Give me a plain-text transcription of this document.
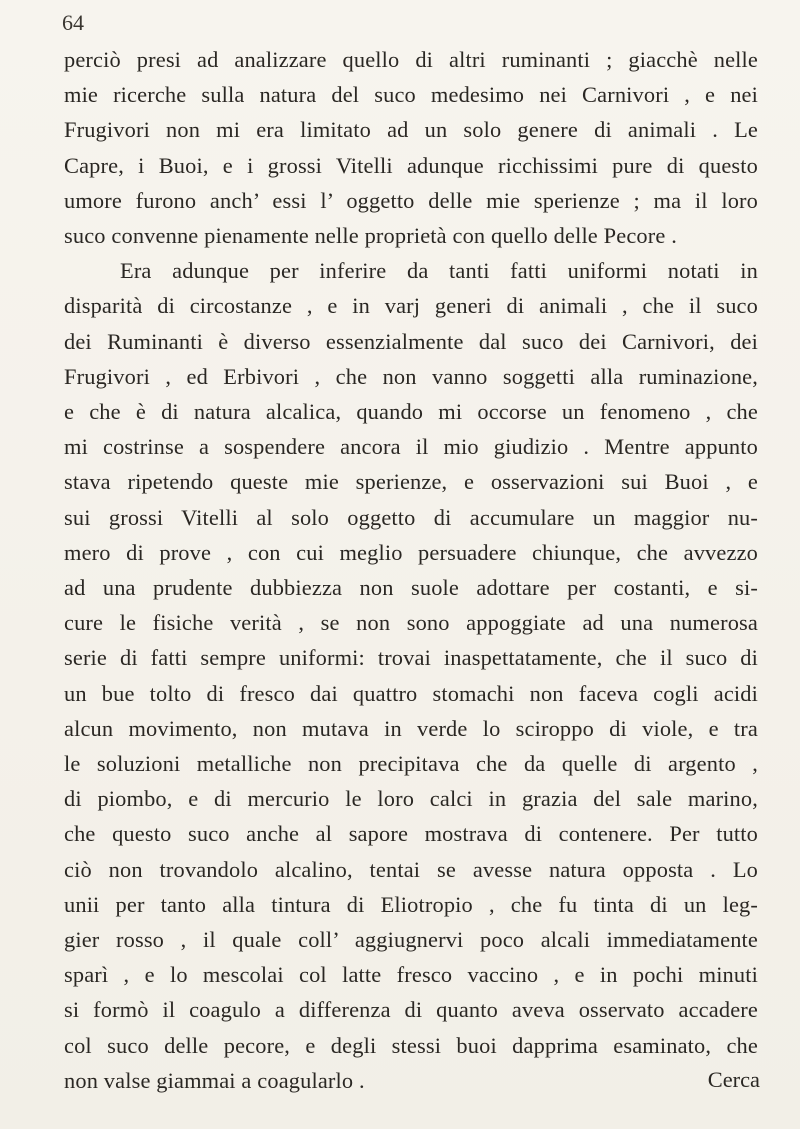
64
perciò presi ad analizzare quello di altri ruminanti ; giacchè nelle
mie ricerche sulla natura del suco medesimo nei Carnivori , e nei
Frugivori non mi era limitato ad un solo genere di animali . Le
Capre, i Buoi, e i grossi Vitelli adunque ricchissimi pure di questo
umore furono anch’ essi l’ oggetto delle mie sperienze ; ma il loro
suco convenne pienamente nelle proprietà con quello delle Pecore .
Era adunque per inferire da tanti fatti uniformi notati in
disparità di circostanze , e in varj generi di animali , che il suco
dei Ruminanti è diverso essenzialmente dal suco dei Carnivori, dei
Frugivori , ed Erbivori , che non vanno soggetti alla ruminazione,
e che è di natura alcalica, quando mi occorse un fenomeno , che
mi costrinse a sospendere ancora il mio giudizio . Mentre appunto
stava ripetendo queste mie sperienze, e osservazioni sui Buoi , e
sui grossi Vitelli al solo oggetto di accumulare un maggior nu-
mero di prove , con cui meglio persuadere chiunque, che avvezzo
ad una prudente dubbiezza non suole adottare per costanti, e si-
cure le fisiche verità , se non sono appoggiate ad una numerosa
serie di fatti sempre uniformi: trovai inaspettatamente, che il suco di
un bue tolto di fresco dai quattro stomachi non faceva cogli acidi
alcun movimento, non mutava in verde lo sciroppo di viole, e tra
le soluzioni metalliche non precipitava che da quelle di argento ,
di piombo, e di mercurio le loro calci in grazia del sale marino,
che questo suco anche al sapore mostrava di contenere. Per tutto
ciò non trovandolo alcalino, tentai se avesse natura opposta . Lo
unii per tanto alla tintura di Eliotropio , che fu tinta di un leg-
gier rosso , il quale coll’ aggiugnervi poco alcali immediatamente
sparì , e lo mescolai col latte fresco vaccino , e in pochi minuti
si formò il coagulo a differenza di quanto aveva osservato accadere
col suco delle pecore, e degli stessi buoi dapprima esaminato, che
non valse giammai a coagularlo .	Cerca
